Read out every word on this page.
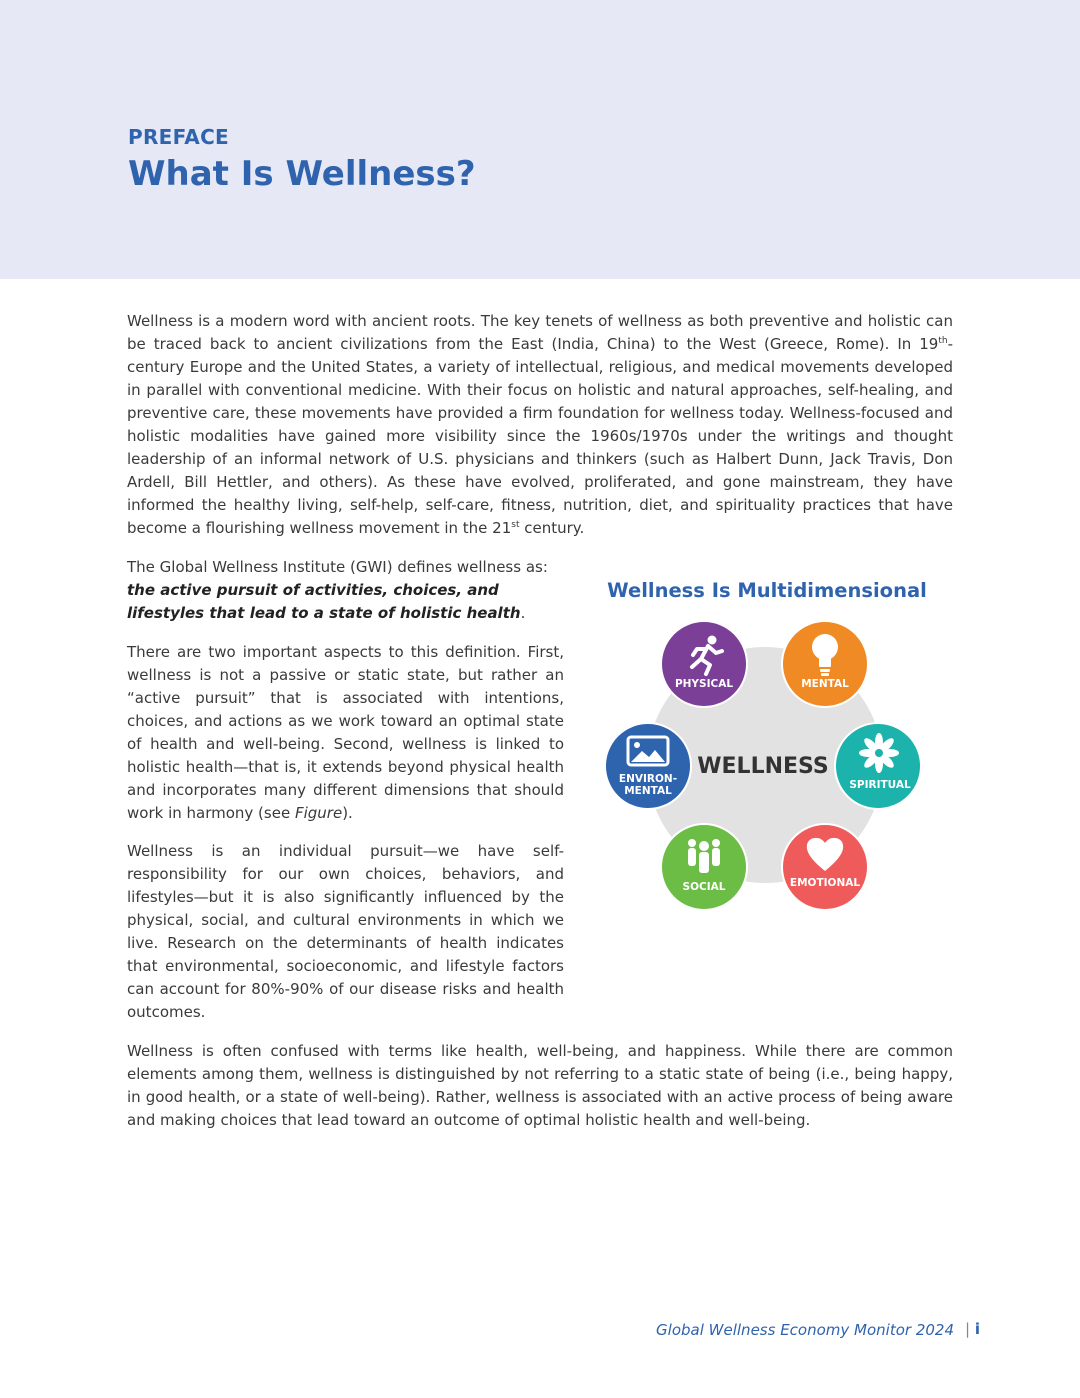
PREFACE
What Is Wellness?

Wellness is a modern word with ancient roots. The key tenets of wellness as both preventive and holistic can be traced back to ancient civilizations from the East (India, China) to the West (Greece, Rome). In 19th-century Europe and the United States, a variety of intellectual, religious, and medical movements developed in parallel with conventional medicine. With their focus on holistic and natural approaches, self-healing, and preventive care, these movements have provided a firm foundation for wellness today. Wellness-focused and holistic modalities have gained more visibility since the 1960s/1970s under the writings and thought leadership of an informal network of U.S. physicians and thinkers (such as Halbert Dunn, Jack Travis, Don Ardell, Bill Hettler, and others). As these have evolved, proliferated, and gone mainstream, they have informed the healthy living, self-help, self-care, fitness, nutrition, diet, and spirituality practices that have become a flourishing wellness movement in the 21st century.

The Global Wellness Institute (GWI) defines wellness as: the active pursuit of activities, choices, and lifestyles that lead to a state of holistic health.

There are two important aspects to this definition. First, wellness is not a passive or static state, but rather an “active pursuit” that is associated with intentions, choices, and actions as we work toward an optimal state of health and well-being. Second, wellness is linked to holistic health—that is, it extends beyond physical health and incorporates many different dimensions that should work in harmony (see Figure).

Wellness is an individual pursuit—we have self-responsibility for our own choices, behaviors, and lifestyles—but it is also significantly influenced by the physical, social, and cultural environments in which we live. Research on the determinants of health indicates that environmental, socioeconomic, and lifestyle factors can account for 80%-90% of our disease risks and health outcomes.

Wellness is often confused with terms like health, well-being, and happiness. While there are common elements among them, wellness is distinguished by not referring to a static state of being (i.e., being happy, in good health, or a state of well-being). Rather, wellness is associated with an active process of being aware and making choices that lead toward an outcome of optimal holistic health and well-being.

Wellness Is Multidimensional
WELLNESS
PHYSICAL	MENTAL
SPIRITUAL
EMOTIONAL
SOCIAL
ENVIRON-
MENTAL
Global Wellness Economy Monitor 2024 | i
